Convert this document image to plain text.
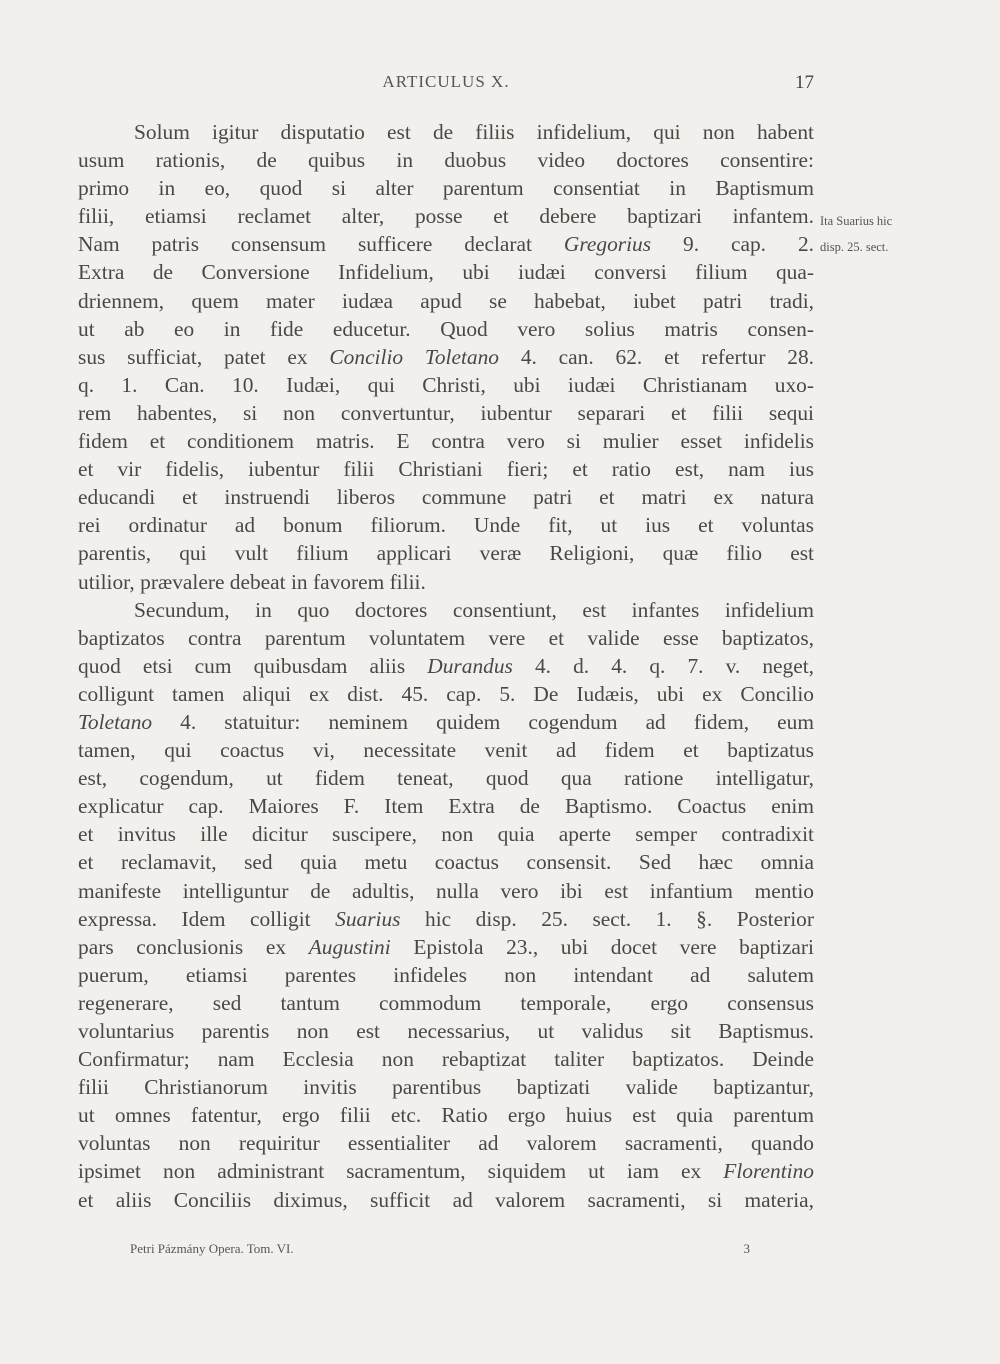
ARTICULUS X.	17
Solum igitur disputatio est de filiis infidelium, qui non habent
usum rationis, de quibus in duobus video doctores consentire:
primo in eo, quod si alter parentum consentiat in Baptismum
filii, etiamsi reclamet alter, posse et debere baptizari infantem.
Nam patris consensum sufficere declarat Gregorius 9. cap. 2.
Extra de Conversione Infidelium, ubi iudæi conversi filium qua-
driennem, quem mater iudæa apud se habebat, iubet patri tradi,
ut ab eo in fide educetur. Quod vero solius matris consen-
sus sufficiat, patet ex Concilio Toletano 4. can. 62. et refertur 28.
q. 1. Can. 10. Iudæi, qui Christi, ubi iudæi Christianam uxo-
rem habentes, si non convertuntur, iubentur separari et filii sequi
fidem et conditionem matris. E contra vero si mulier esset infidelis
et vir fidelis, iubentur filii Christiani fieri; et ratio est, nam ius
educandi et instruendi liberos commune patri et matri ex natura
rei ordinatur ad bonum filiorum. Unde fit, ut ius et voluntas
parentis, qui vult filium applicari veræ Religioni, quæ filio est
utilior, prævalere debeat in favorem filii.
Secundum, in quo doctores consentiunt, est infantes infidelium
baptizatos contra parentum voluntatem vere et valide esse baptizatos,
quod etsi cum quibusdam aliis Durandus 4. d. 4. q. 7. v. neget,
colligunt tamen aliqui ex dist. 45. cap. 5. De Iudæis, ubi ex Concilio
Toletano 4. statuitur: neminem quidem cogendum ad fidem, eum
tamen, qui coactus vi, necessitate venit ad fidem et baptizatus
est, cogendum, ut fidem teneat, quod qua ratione intelligatur,
explicatur cap. Maiores F. Item Extra de Baptismo. Coactus enim
et invitus ille dicitur suscipere, non quia aperte semper contradixit
et reclamavit, sed quia metu coactus consensit. Sed hæc omnia
manifeste intelliguntur de adultis, nulla vero ibi est infantium mentio
expressa. Idem colligit Suarius hic disp. 25. sect. 1. §. Posterior
pars conclusionis ex Augustini Epistola 23., ubi docet vere baptizari
puerum, etiamsi parentes infideles non intendant ad salutem
regenerare, sed tantum commodum temporale, ergo consensus
voluntarius parentis non est necessarius, ut validus sit Baptismus.
Confirmatur; nam Ecclesia non rebaptizat taliter baptizatos. Deinde
filii Christianorum invitis parentibus baptizati valide baptizantur,
ut omnes fatentur, ergo filii etc. Ratio ergo huius est quia parentum
voluntas non requiritur essentialiter ad valorem sacramenti, quando
ipsimet non administrant sacramentum, siquidem ut iam ex Florentino
et aliis Conciliis diximus, sufficit ad valorem sacramenti, si materia,
Ita Suarius hic
disp. 25. sect.
Petri Pázmány Opera. Tom. VI.	3
